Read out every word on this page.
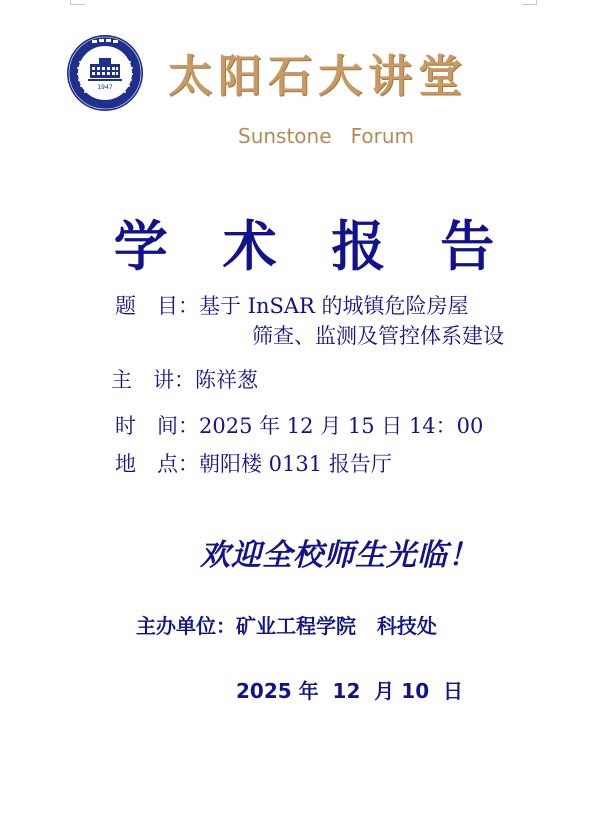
1947 太阳石大讲堂
Sunstone   Forum
学 术 报 告
题　目：基于 InSAR 的城镇危险房屋
筛查、监测及管控体系建设
主　讲：陈祥葱
时　间：2025 年 12 月 15 日 14：00
地　点：朝阳楼 0131 报告厅
欢迎全校师生光临！
主办单位：矿业工程学院   科技处
2025 年  12  月 10  日
